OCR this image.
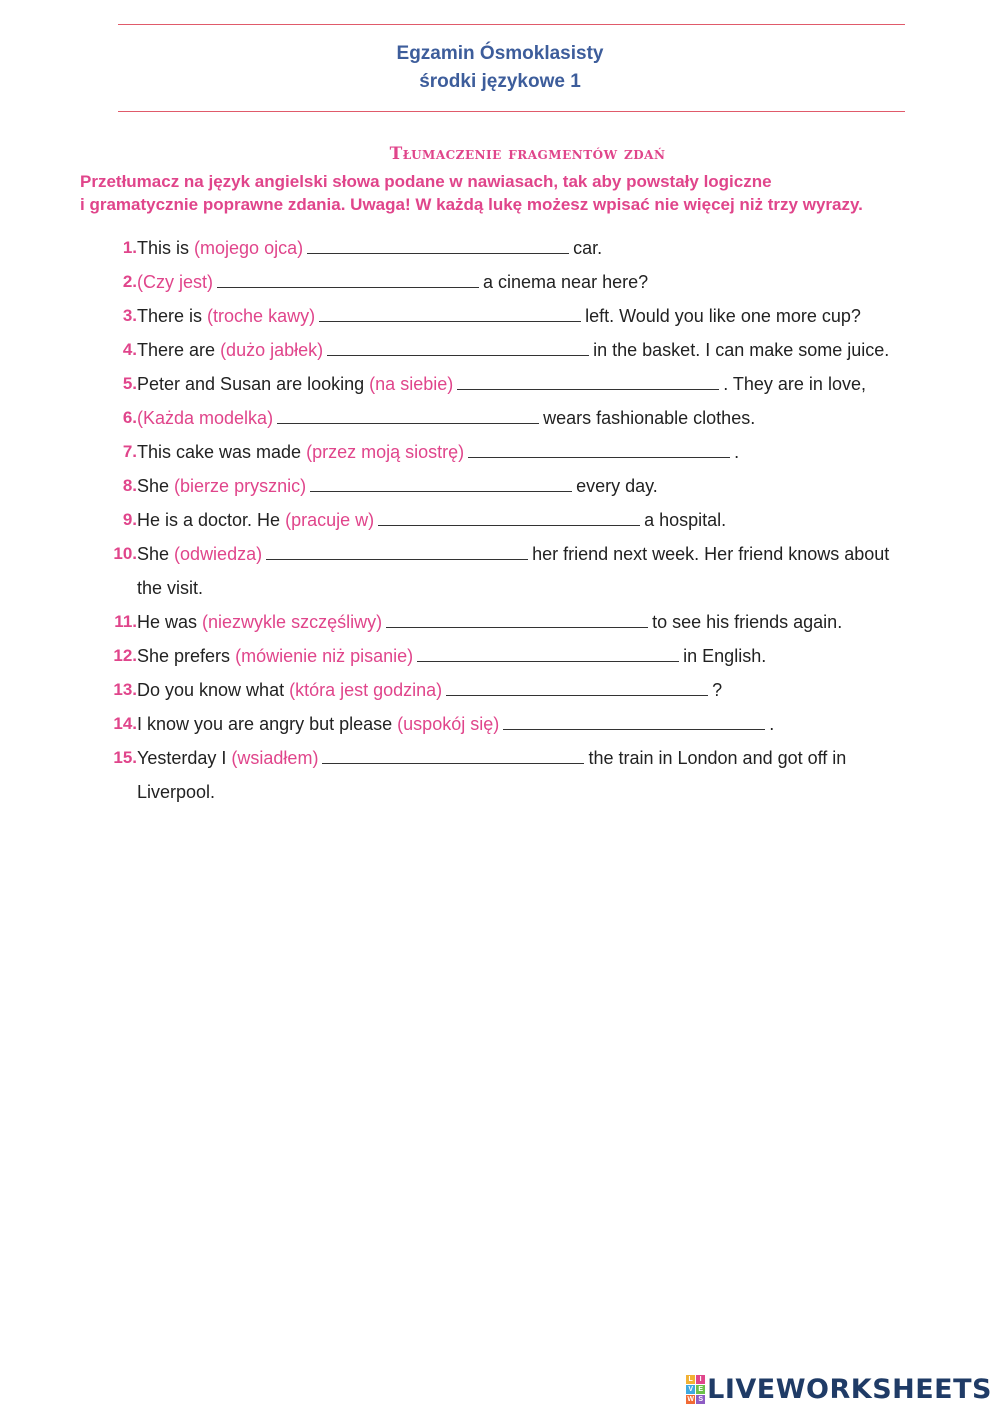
Egzamin Ósmoklasisty
środki językowe 1
Tłumaczenie fragmentów zdań
Przetłumacz na język angielski słowa podane w nawiasach, tak aby powstały logiczne
i gramatycznie poprawne zdania. Uwaga! W każdą lukę możesz wpisać nie więcej niż trzy wyrazy.
1. This is (mojego ojca)	car.
2. (Czy jest)	a cinema near here?
3. There is (troche kawy)	left. Would you like one more cup?
4. There are (dużo jabłek)	in the basket. I can make some juice.
5. Peter and Susan are looking (na siebie)	. They are in love,
6. (Każda modelka)	wears fashionable clothes.
7. This cake was made (przez moją siostrę)	.
8. She (bierze prysznic)	every day.
9. He is a doctor. He (pracuje w)	a hospital.
10. She (odwiedza)	her friend next week. Her friend knows about
the visit.
11. He was (niezwykle szczęśliwy)	to see his friends again.
12. She prefers (mówienie niż pisanie)	in English.
13. Do you know what (która jest godzina)	?
14. I know you are angry but please (uspokój się)	.
15. Yesterday I (wsiadłem)	the train in London and got off in
Liverpool.
L I
V E
W S LIVEWORKSHEETS
